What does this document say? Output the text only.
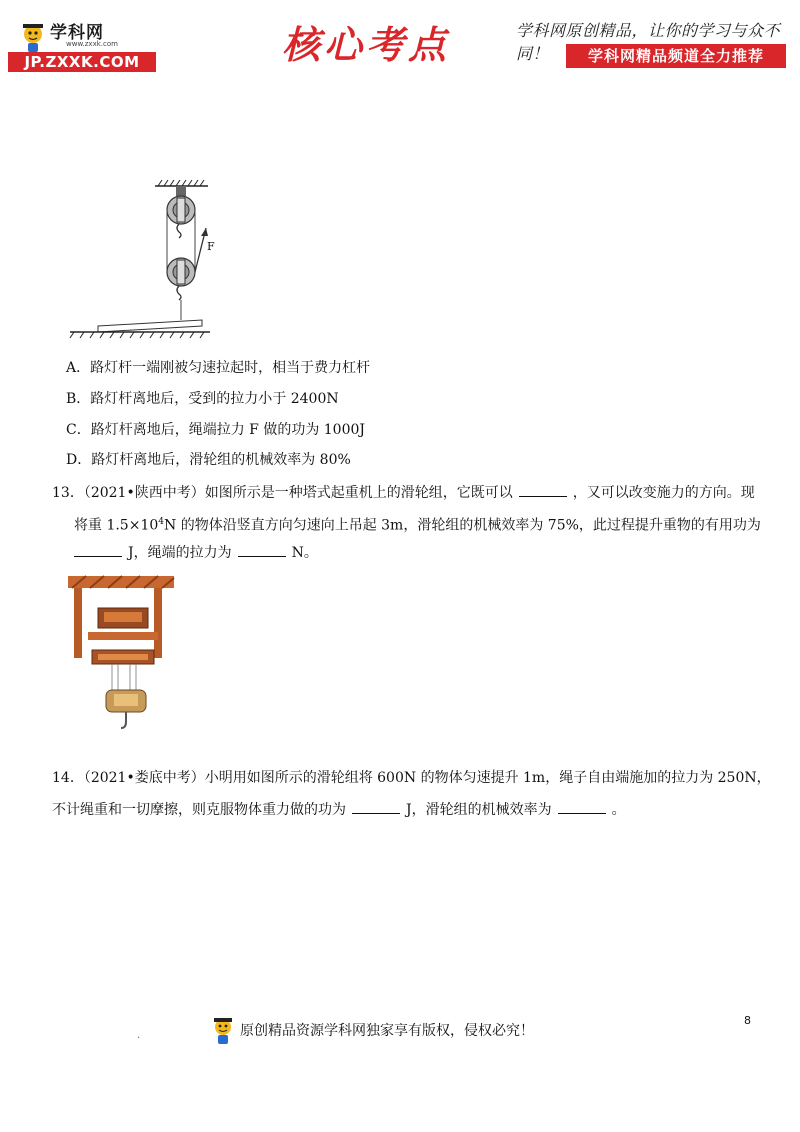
学科网
www.zxxk.com
JP.ZXXK.COM	核心考点	学科网原创精品，让你的学习与众不同！	学科网精品频道全力推荐
F
A．路灯杆一端刚被匀速拉起时，相当于费力杠杆
B．路灯杆离地后，受到的拉力小于 2400N
C．路灯杆离地后，绳端拉力 F 做的功为 1000J
D．路灯杆离地后，滑轮组的机械效率为 80%
13．（2021•陕西中考）如图所示是一种塔式起重机上的滑轮组，它既可以	，又可以改变施力的方向。现
将重 $1.5\times 10^4N$ 的物体沿竖直方向匀速向上吊起 3m，滑轮组的机械效率为 75%，此过程提升重物的有用功为
J，绳端的拉力为	N。
14．（2021•娄底中考）小明用如图所示的滑轮组将 600N 的物体匀速提升 1m，绳子自由端施加的拉力为 250N，
不计绳重和一切摩擦，则克服物体重力做的功为	J，滑轮组的机械效率为	。
.	原创精品资源学科网独家享有版权，侵权必究！
8
